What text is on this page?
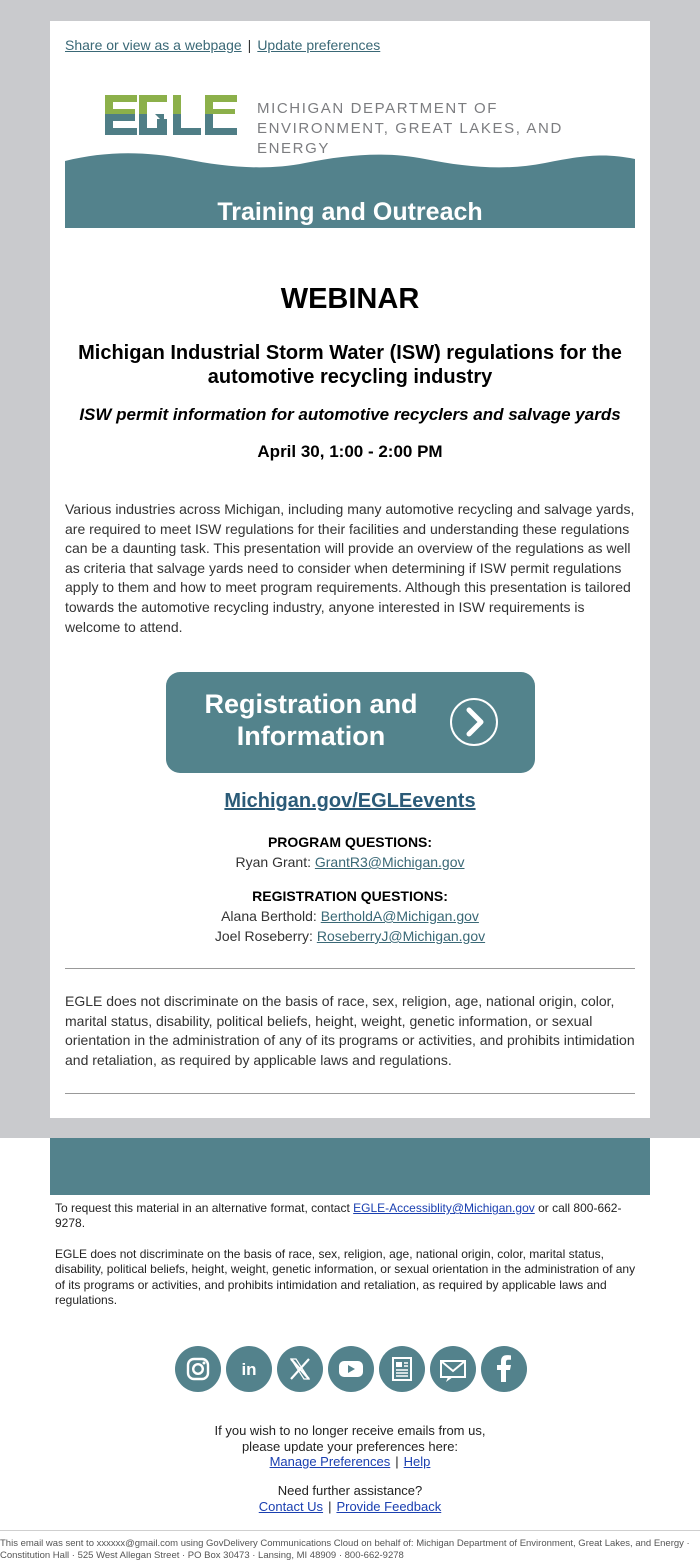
Share or view as a webpage | Update preferences
MICHIGAN DEPARTMENT OF
ENVIRONMENT, GREAT LAKES, AND ENERGY
Training and Outreach
WEBINAR
Michigan Industrial Storm Water (ISW) regulations for the automotive recycling industry
ISW permit information for automotive recyclers and salvage yards
April 30, 1:00 - 2:00 PM

Various industries across Michigan, including many automotive recycling and salvage yards, are required to meet ISW regulations for their facilities and understanding these regulations can be a daunting task. This presentation will provide an overview of the regulations as well as criteria that salvage yards need to consider when determining if ISW permit regulations apply to them and how to meet program requirements. Although this presentation is tailored towards the automotive recycling industry, anyone interested in ISW requirements is welcome to attend.

Registration and
Information
Michigan.gov/EGLEevents
PROGRAM QUESTIONS:
Ryan Grant: GrantR3@Michigan.gov
REGISTRATION QUESTIONS:
Alana Berthold: BertholdA@Michigan.gov
Joel Roseberry: RoseberryJ@Michigan.gov

EGLE does not discriminate on the basis of race, sex, religion, age, national origin, color, marital status, disability, political beliefs, height, weight, genetic information, or sexual orientation in the administration of any of its programs or activities, and prohibits intimidation and retaliation, as required by applicable laws and regulations.

To request this material in an alternative format, contact EGLE-Accessiblity@Michigan.gov or call 800-662-9278.

EGLE does not discriminate on the basis of race, sex, religion, age, national origin, color, marital status, disability, political beliefs, height, weight, genetic information, or sexual orientation in the administration of any of its programs or activities, and prohibits intimidation and retaliation, as required by applicable laws and regulations.

in
If you wish to no longer receive emails from us,
please update your preferences here:
Manage Preferences | Help
Need further assistance?
Contact Us | Provide Feedback

This email was sent to xxxxxx@gmail.com using GovDelivery Communications Cloud on behalf of: Michigan Department of Environment, Great Lakes, and Energy · Constitution Hall · 525 West Allegan Street · PO Box 30473 · Lansing, MI 48909 · 800-662-9278
